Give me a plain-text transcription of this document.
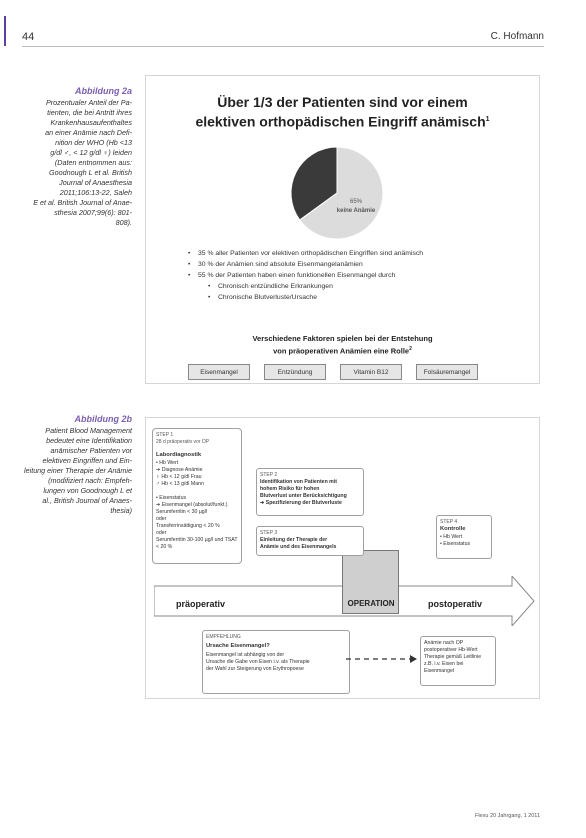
44	C. Hofmann
Abbildung 2a
Prozentualer Anteil der Pa-
tienten, die bei Antritt ihres
Krankenhausaufenthaltes
an einer Anämie nach Defi-
nition der WHO (Hb <13
g/dl ♂, < 12 g/dl ♀) leiden
(Daten entnommen aus:
Goodnough L et al. British
Journal of Anaesthesia
2011;106:13-22, Saleh
E et al. British Journal of Anae-
sthesia 2007;99(6): 801-
808).
Über 1/3 der Patienten sind vor einem
elektiven orthopädischen Eingriff anämisch$^1$
65%
keine Anämie
• 35 % aller Patienten vor elektiven orthopädischen Eingriffen sind anämisch
• 30 % der Anämien sind absolute Eisenmangelanämien
• 55 % der Patienten haben einen funktionellen Eisenmangel durch
• Chronisch entzündliche Erkrankungen
• Chronische Blutverluste/Ursache
Verschiedene Faktoren spielen bei der Entstehung
von präoperativen Anämien eine Rolle$^2$
Eisenmangel	Entzündung	Vitamin B12	Folsäuremangel
Abbildung 2b
Patient Blood Management
bedeutet eine Identifikation
anämischer Patienten vor
elektiven Eingriffen und Ein-
leitung einer Therapie der Anämie
(modifiziert nach: Empfeh-
lungen von Goodnough L et
al., British Journal of Anaes-
thesia)
präoperativ	OPERATION	postoperativ
STEP 1
28 d präoperativ vor OP
Labordiagnostik
• Hb Wert
➔ Diagnose Anämie
♀ Hb < 12 g/dl Frau
♂ Hb < 13 g/dl Mann

• Eisenstatus
➔ Eisenmangel (absolut/funkt.)
Serumferritin < 30 µg/l
oder
Transferrinsättigung < 20 %
oder
Serumferritin 30-100 µg/l und TSAT < 20 %
STEP 2
Identifikation von Patienten mit
hohem Risiko für hohen
Blutverlust unter Berücksichtigung
➔ Spezifizierung der Blutverluste
STEP 3
Einleitung der Therapie der
Anämie und des Eisenmangels
STEP 4
Kontrolle
• Hb Wert
• Eisenstatus
EMPFEHLUNG
Ursache Eisenmangel?
Eisenmangel ist abhängig von der
Ursache die Gabe von Eisen i.v. als Therapie
der Wahl zur Steigerung von Erythropoese
Anämie nach OP
postoperativer Hb-Wert
Therapie gemäß Leitlinie
z.B. i.v. Eisen bei Eisenmangel
Flexu 20 Jahrgang, 1 2011
